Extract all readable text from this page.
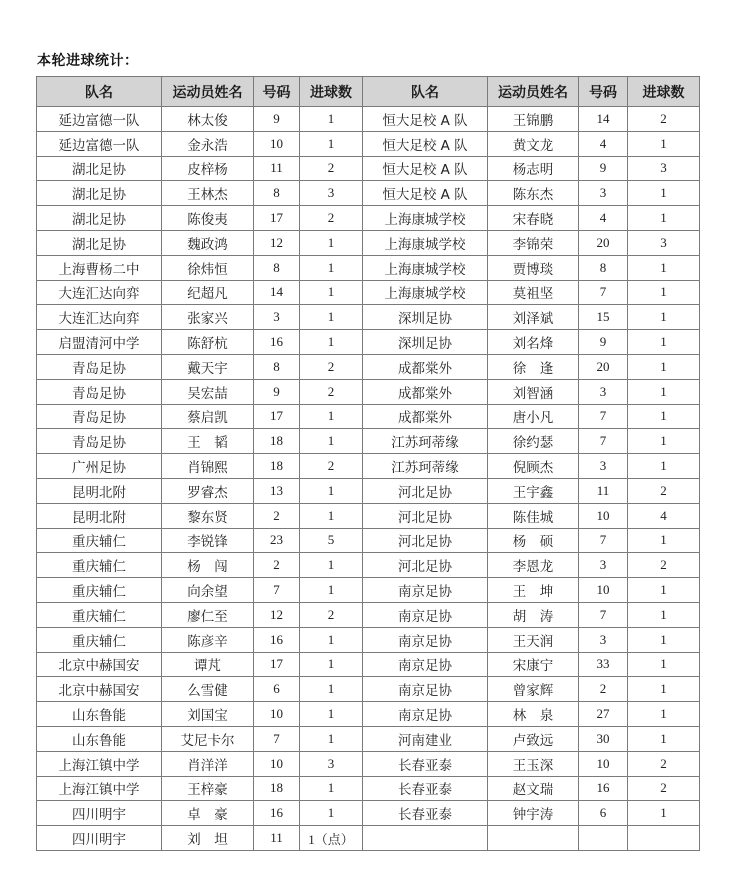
本轮进球统计：
队名	运动员姓名	号码	进球数	队名	运动员姓名	号码	进球数
延边富德一队	林太俊	9	1	恒大足校 A 队	王锦鹏	14	2
延边富德一队	金永浩	10	1	恒大足校 A 队	黄文龙	4	1
湖北足协	皮梓杨	11	2	恒大足校 A 队	杨志明	9	3
湖北足协	王林杰	8	3	恒大足校 A 队	陈东杰	3	1
湖北足协	陈俊夷	17	2	上海康城学校	宋春晓	4	1
湖北足协	魏政鸿	12	1	上海康城学校	李锦荣	20	3
上海曹杨二中	徐炜恒	8	1	上海康城学校	贾博琰	8	1
大连汇达向弈	纪超凡	14	1	上海康城学校	莫祖坚	7	1
大连汇达向弈	张家兴	3	1	深圳足协	刘泽斌	15	1
启盟清河中学	陈舒杭	16	1	深圳足协	刘名烽	9	1
青岛足协	戴天宇	8	2	成都棠外	徐　逢	20	1
青岛足协	吴宏喆	9	2	成都棠外	刘智涵	3	1
青岛足协	蔡启凯	17	1	成都棠外	唐小凡	7	1
青岛足协	王　韬	18	1	江苏珂蒂缘	徐约瑟	7	1
广州足协	肖锦熙	18	2	江苏珂蒂缘	倪顾杰	3	1
昆明北附	罗睿杰	13	1	河北足协	王宇鑫	11	2
昆明北附	黎东贤	2	1	河北足协	陈佳城	10	4
重庆辅仁	李锐锋	23	5	河北足协	杨　硕	7	1
重庆辅仁	杨　闯	2	1	河北足协	李恩龙	3	2
重庆辅仁	向余望	7	1	南京足协	王　坤	10	1
重庆辅仁	廖仁至	12	2	南京足协	胡　涛	7	1
重庆辅仁	陈彦辛	16	1	南京足协	王天润	3	1
北京中赫国安	谭芃	17	1	南京足协	宋康宁	33	1
北京中赫国安	么雪健	6	1	南京足协	曾家辉	2	1
山东鲁能	刘国宝	10	1	南京足协	林　泉	27	1
山东鲁能	艾尼卡尔	7	1	河南建业	卢致远	30	1
上海江镇中学	肖洋洋	10	3	长春亚泰	王玉深	10	2
上海江镇中学	王梓豪	18	1	长春亚泰	赵文瑞	16	2
四川明宇	卓　豪	16	1	长春亚泰	钟宇涛	6	1
四川明宇	刘　坦	11	1（点）				
